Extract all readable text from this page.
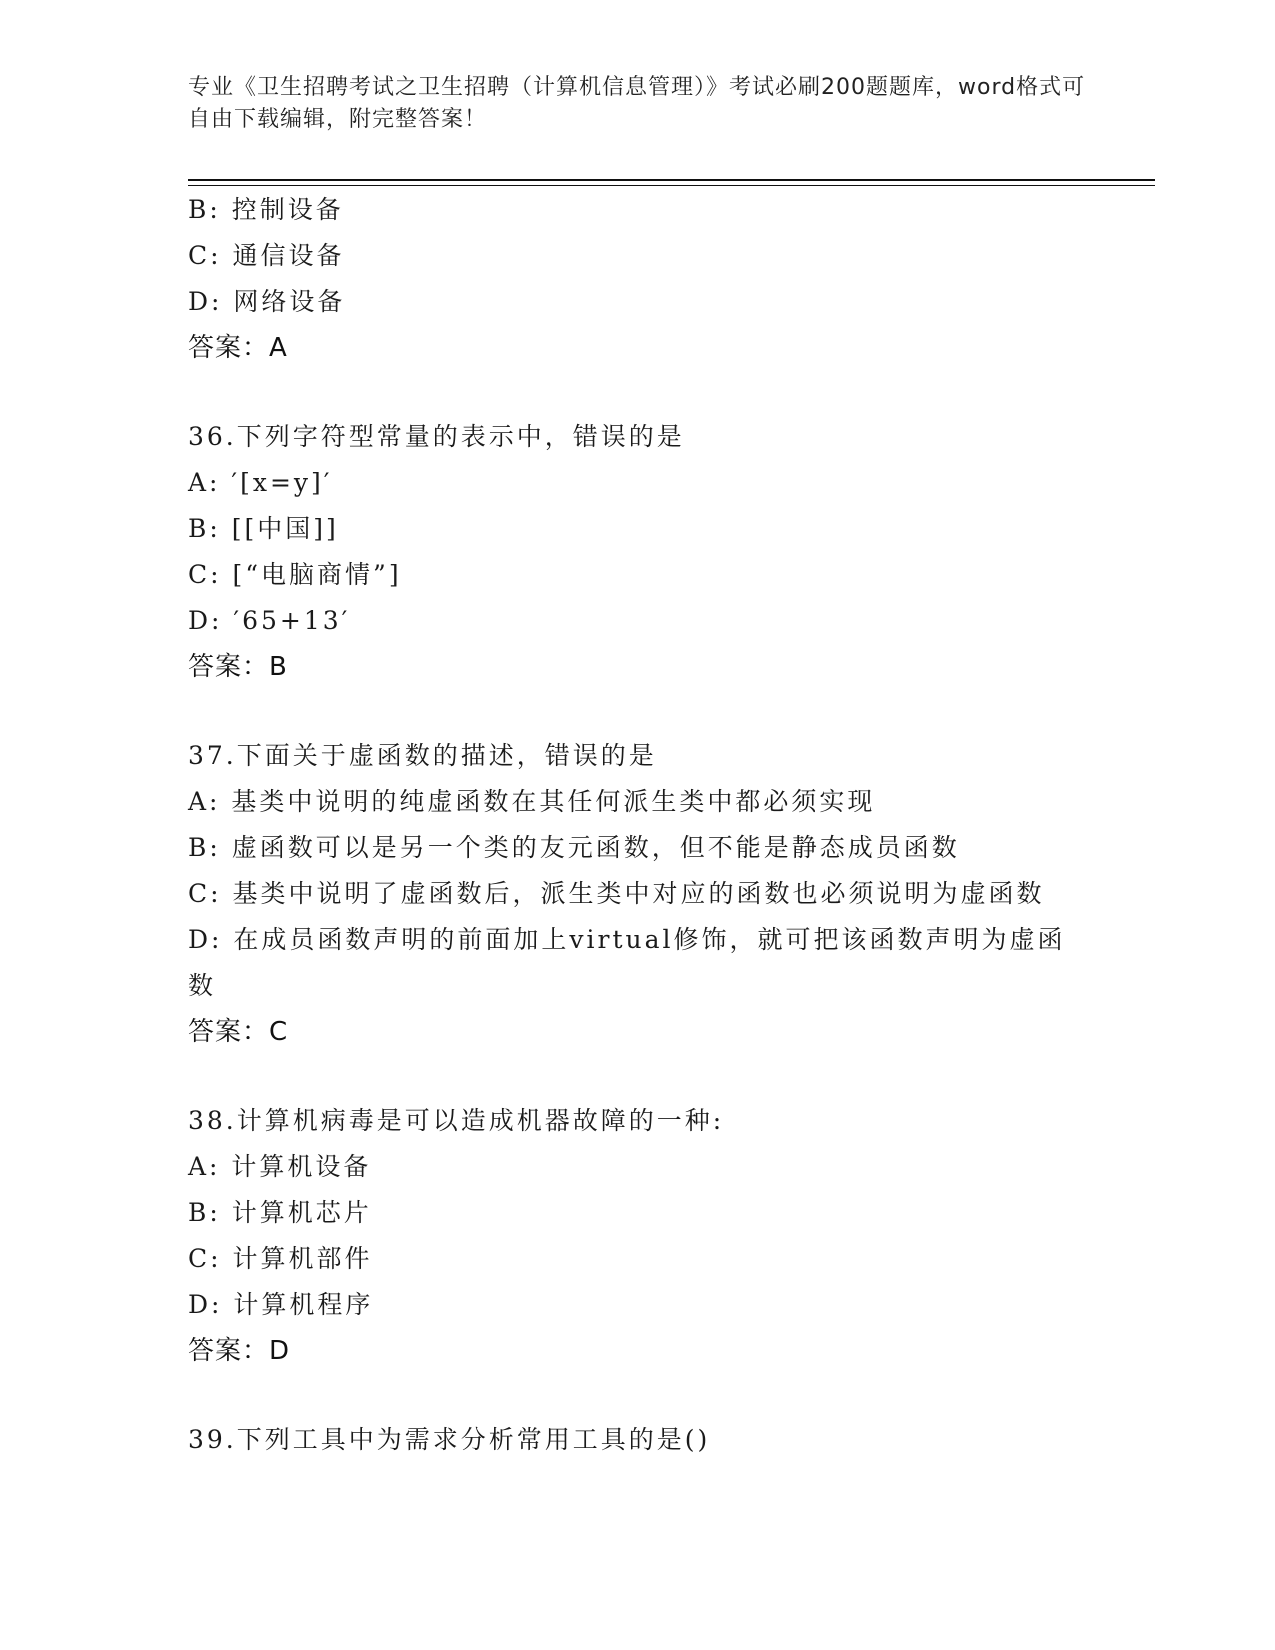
专业《卫生招聘考试之卫生招聘（计算机信息管理）》考试必刷200题题库，word格式可自由下载编辑，附完整答案！
B: 控制设备
C: 通信设备
D: 网络设备
答案：A
36.下列字符型常量的表示中，错误的是
A: ′[x=y]′
B: [[中国]]
C: [“电脑商情”]
D: ′65+13′
答案：B
37.下面关于虚函数的描述，错误的是
A: 基类中说明的纯虚函数在其任何派生类中都必须实现
B: 虚函数可以是另一个类的友元函数，但不能是静态成员函数
C: 基类中说明了虚函数后，派生类中对应的函数也必须说明为虚函数
D: 在成员函数声明的前面加上virtual修饰，就可把该函数声明为虚函数
答案：C
38.计算机病毒是可以造成机器故障的一种:
A: 计算机设备
B: 计算机芯片
C: 计算机部件
D: 计算机程序
答案：D
39.下列工具中为需求分析常用工具的是()
